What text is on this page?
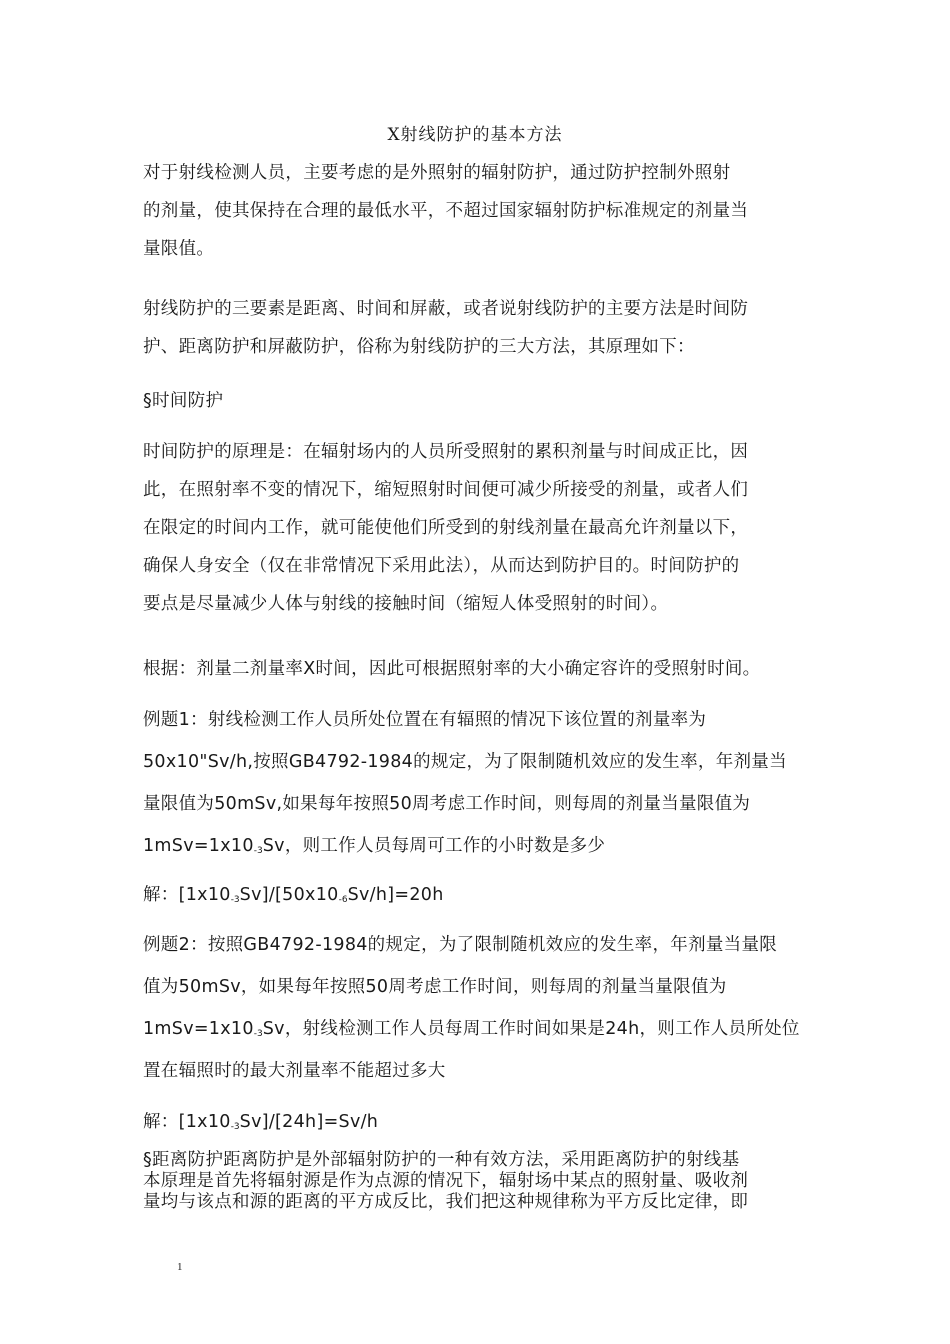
X射线防护的基本方法
对于射线检测人员，主要考虑的是外照射的辐射防护，通过防护控制外照射
的剂量，使其保持在合理的最低水平，不超过国家辐射防护标准规定的剂量当
量限值。
射线防护的三要素是距离、时间和屏蔽，或者说射线防护的主要方法是时间防
护、距离防护和屏蔽防护，俗称为射线防护的三大方法，其原理如下：
§时间防护
时间防护的原理是：在辐射场内的人员所受照射的累积剂量与时间成正比，因
此，在照射率不变的情况下，缩短照射时间便可减少所接受的剂量，或者人们
在限定的时间内工作，就可能使他们所受到的射线剂量在最高允许剂量以下，
确保人身安全（仅在非常情况下采用此法），从而达到防护目的。时间防护的
要点是尽量减少人体与射线的接触时间（缩短人体受照射的时间）。
根据：剂量二剂量率X时间，因此可根据照射率的大小确定容许的受照射时间。
例题1：射线检测工作人员所处位置在有辐照的情况下该位置的剂量率为
50x10"Sv/h,按照GB4792-1984的规定，为了限制随机效应的发生率，年剂量当
量限值为50mSv,如果每年按照50周考虑工作时间，则每周的剂量当量限值为
$1mSv=1x10_{-3}Sv$，则工作人员每周可工作的小时数是多少
解：$[1x10_{-3}Sv]/[50x10_{-6}Sv/h]=20h$
例题2：按照GB4792-1984的规定，为了限制随机效应的发生率，年剂量当量限
值为50mSv，如果每年按照50周考虑工作时间，则每周的剂量当量限值为
$1mSv=1x10_{-3}Sv$，射线检测工作人员每周工作时间如果是24h，则工作人员所处位
置在辐照时的最大剂量率不能超过多大
解：$[1x10_{-3}Sv]/[24h]=Sv/h$
§距离防护距离防护是外部辐射防护的一种有效方法，采用距离防护的射线基
本原理是首先将辐射源是作为点源的情况下，辐射场中某点的照射量、吸收剂
量均与该点和源的距离的平方成反比，我们把这种规律称为平方反比定律，即
1
